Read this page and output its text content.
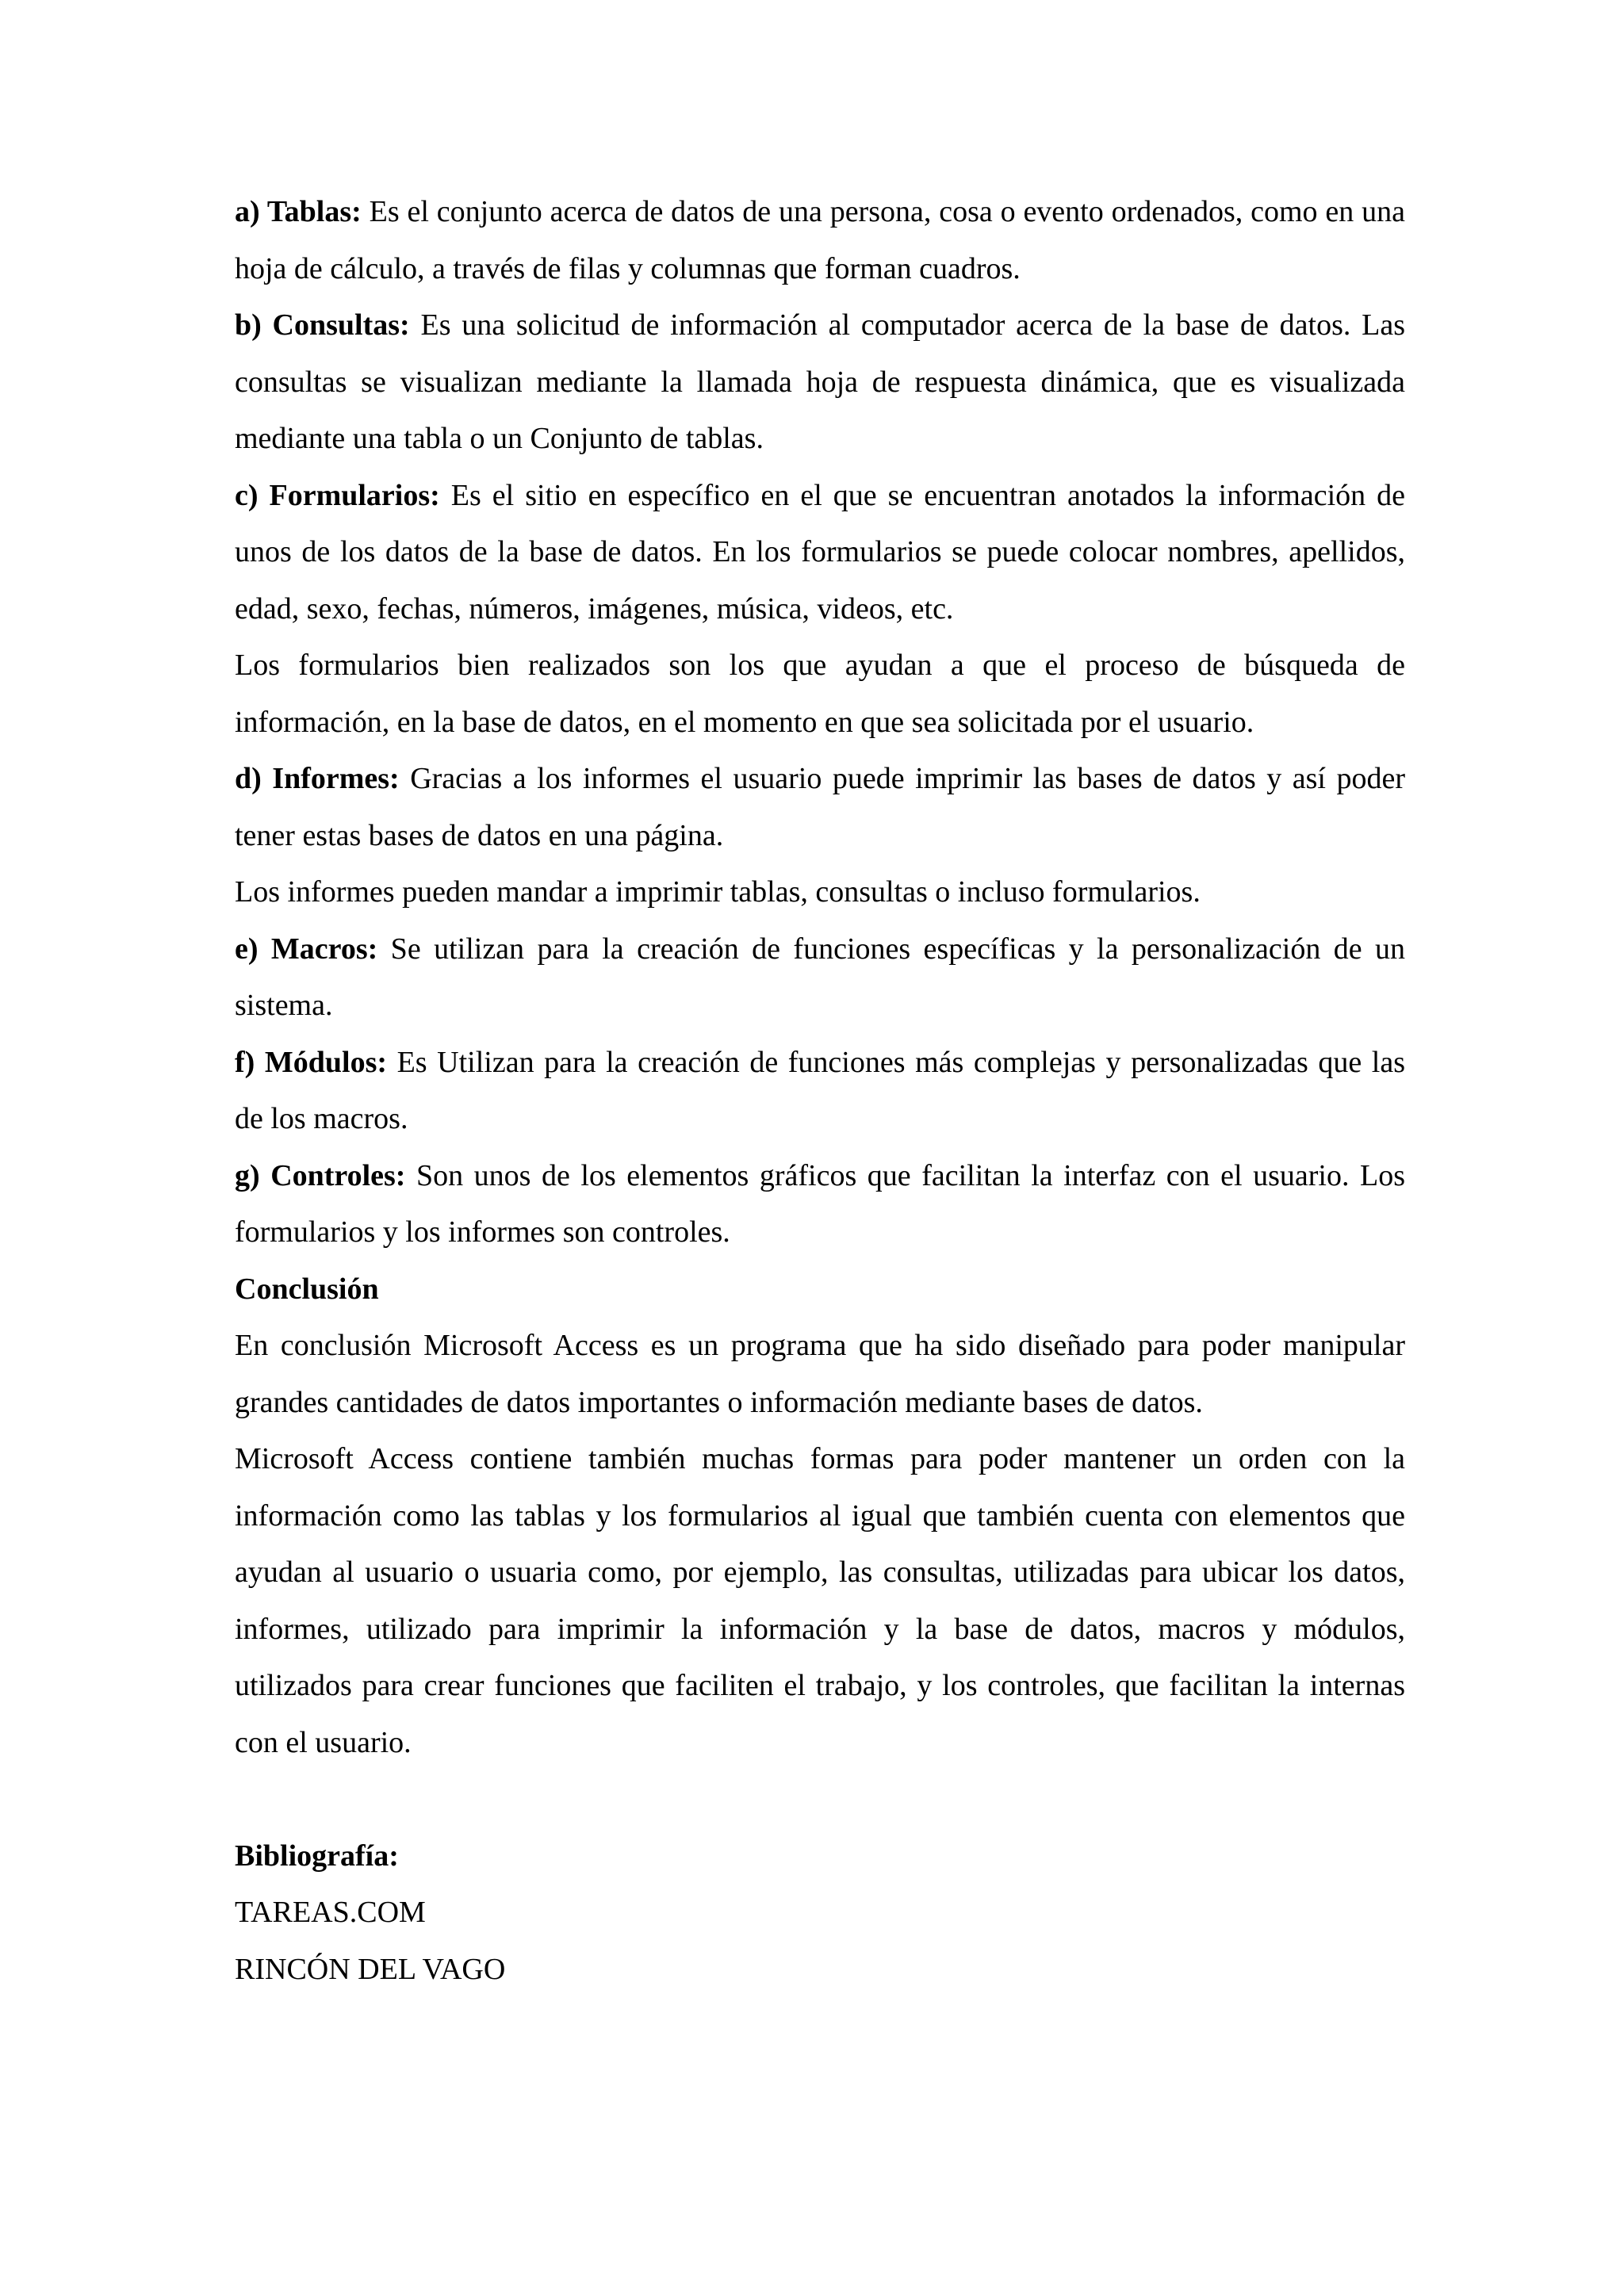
a) Tablas: Es el conjunto acerca de datos de una persona, cosa o evento ordenados, como en una hoja de cálculo, a través de filas y columnas que forman cuadros.

b) Consultas: Es una solicitud de información al computador acerca de la base de datos. Las consultas se visualizan mediante la llamada hoja de respuesta dinámica, que es visualizada mediante una tabla o un Conjunto de tablas.

c) Formularios: Es el sitio en específico en el que se encuentran anotados la información de unos de los datos de la base de datos. En los formularios se puede colocar nombres, apellidos, edad, sexo, fechas, números, imágenes, música, videos, etc.

Los formularios bien realizados son los que ayudan a que el proceso de búsqueda de información, en la base de datos, en el momento en que sea solicitada por el usuario.

d) Informes: Gracias a los informes el usuario puede imprimir las bases de datos y así poder tener estas bases de datos en una página.

Los informes pueden mandar a imprimir tablas, consultas o incluso formularios.

e) Macros: Se utilizan para la creación de funciones específicas y la personalización de un sistema.

f) Módulos: Es Utilizan para la creación de funciones más complejas y personalizadas que las de los macros.

g) Controles: Son unos de los elementos gráficos que facilitan la interfaz con el usuario. Los formularios y los informes son controles.

Conclusión

En conclusión Microsoft Access es un programa que ha sido diseñado para poder manipular grandes cantidades de datos importantes o información mediante bases de datos.

Microsoft Access contiene también muchas formas para poder mantener un orden con la información como las tablas y los formularios al igual que también cuenta con elementos que ayudan al usuario o usuaria como, por ejemplo, las consultas, utilizadas para ubicar los datos, informes, utilizado para imprimir la información y la base de datos, macros y módulos, utilizados para crear funciones que faciliten el trabajo, y los controles, que facilitan la internas con el usuario.

Bibliografía:

TAREAS.COM

RINCÓN DEL VAGO
